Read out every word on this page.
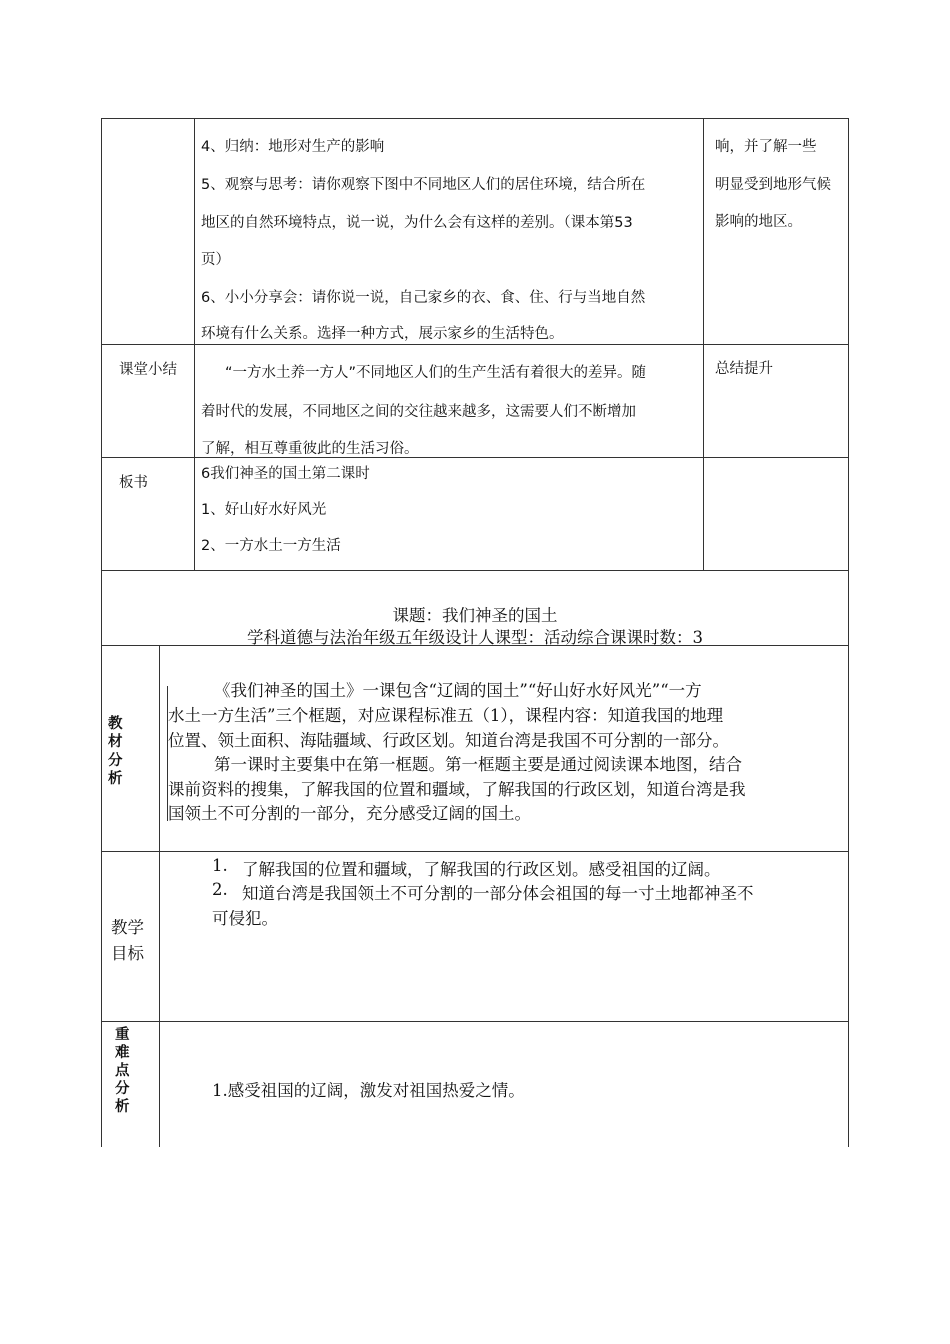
4、归纳：地形对生产的影响
5、观察与思考：请你观察下图中不同地区人们的居住环境，结合所在
地区的自然环境特点，说一说，为什么会有这样的差别。（课本第53
页）
6、小小分享会：请你说一说，自己家乡的衣、食、住、行与当地自然
环境有什么关系。选择一种方式，展示家乡的生活特色。
响，并了解一些
明显受到地形气候
影响的地区。
课堂小结	“一方水土养一方人”不同地区人们的生产生活有着很大的差异。随
着时代的发展，不同地区之间的交往越来越多，这需要人们不断增加
了解，相互尊重彼此的生活习俗。
总结提升
板书
6我们神圣的国土第二课时
1、好山好水好风光
2、一方水土一方生活
课题：我们神圣的国土
学科道德与法治年级五年级设计人课型：活动综合课课时数：3
教
材
分
析
《我们神圣的国土》一课包含“辽阔的国土”“好山好水好风光”“一方
水土一方生活”三个框题，对应课程标准五（1），课程内容：知道我国的地理
位置、领土面积、海陆疆域、行政区划。知道台湾是我国不可分割的一部分。
第一课时主要集中在第一框题。第一框题主要是通过阅读课本地图，结合
课前资料的搜集，了解我国的位置和疆域，了解我国的行政区划，知道台湾是我
国领土不可分割的一部分，充分感受辽阔的国土。
教学
目标
1. 了解我国的位置和疆域，了解我国的行政区划。感受祖国的辽阔。
2. 知道台湾是我国领土不可分割的一部分体会祖国的每一寸土地都神圣不
可侵犯。
重
难
点
分
析
1.感受祖国的辽阔，激发对祖国热爱之情。
